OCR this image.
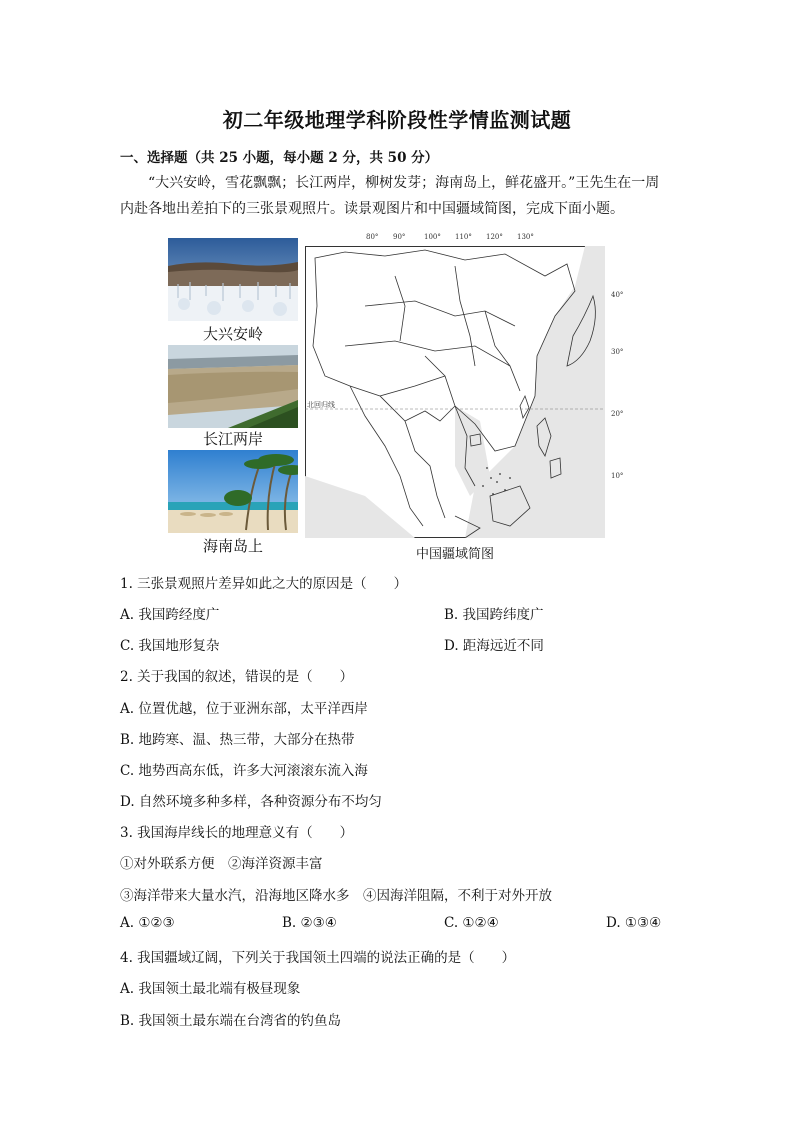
初二年级地理学科阶段性学情监测试题
一、选择题（共 25 小题，每小题 2 分，共 50 分）
“大兴安岭，雪花飘飘；长江两岸，柳树发芽；海南岛上，鲜花盛开。”王先生在一周
内赴各地出差拍下的三张景观照片。读景观图片和中国疆域简图，完成下面小题。
大兴安岭
长江两岸
海南岛上
80° 90°	100° 110° 120° 130°
40°
30°
20°
10°
北回归线
中国疆域简图
1. 三张景观照片差异如此之大的原因是（　　）
A. 我国跨经度广	B. 我国跨纬度广
C. 我国地形复杂	D. 距海远近不同
2. 关于我国的叙述，错误的是（　　）
A. 位置优越，位于亚洲东部，太平洋西岸
B. 地跨寒、温、热三带，大部分在热带
C. 地势西高东低，许多大河滚滚东流入海
D. 自然环境多种多样，各种资源分布不均匀
3. 我国海岸线长的地理意义有（　　）
①对外联系方便　②海洋资源丰富
③海洋带来大量水汽，沿海地区降水多　④因海洋阻隔，不利于对外开放
A. ①②③	B. ②③④	C. ①②④	D. ①③④
4. 我国疆域辽阔，下列关于我国领土四端的说法正确的是（　　）
A. 我国领土最北端有极昼现象
B. 我国领土最东端在台湾省的钓鱼岛
